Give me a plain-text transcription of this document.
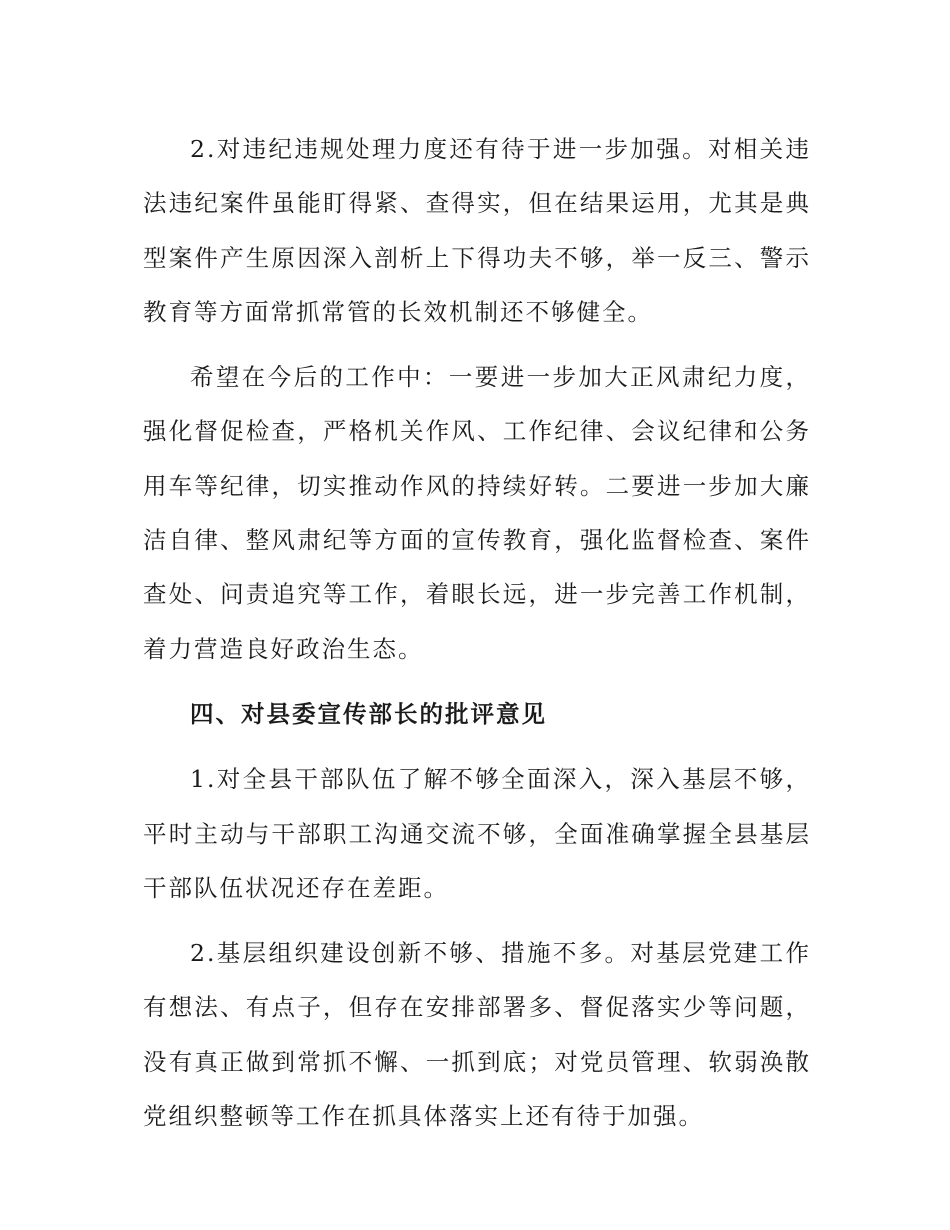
2.对违纪违规处理力度还有待于进一步加强。对相关违法违纪案件虽能盯得紧、查得实，但在结果运用，尤其是典型案件产生原因深入剖析上下得功夫不够，举一反三、警示教育等方面常抓常管的长效机制还不够健全。

希望在今后的工作中：一要进一步加大正风肃纪力度，强化督促检查，严格机关作风、工作纪律、会议纪律和公务用车等纪律，切实推动作风的持续好转。二要进一步加大廉洁自律、整风肃纪等方面的宣传教育，强化监督检查、案件查处、问责追究等工作，着眼长远，进一步完善工作机制，着力营造良好政治生态。

四、对县委宣传部长的批评意见

1.对全县干部队伍了解不够全面深入，深入基层不够，平时主动与干部职工沟通交流不够，全面准确掌握全县基层干部队伍状况还存在差距。

2.基层组织建设创新不够、措施不多。对基层党建工作有想法、有点子，但存在安排部署多、督促落实少等问题，没有真正做到常抓不懈、一抓到底；对党员管理、软弱涣散党组织整顿等工作在抓具体落实上还有待于加强。
